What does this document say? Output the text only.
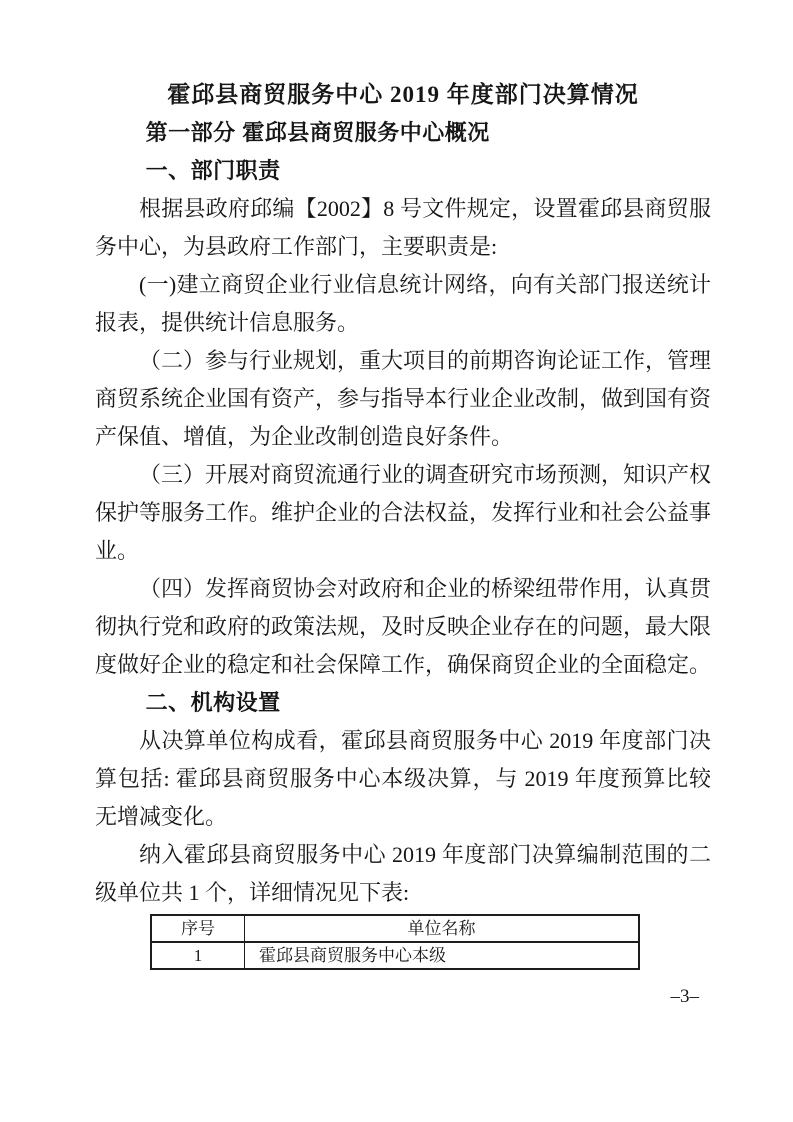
霍邱县商贸服务中心 2019 年度部门决算情况
第一部分 霍邱县商贸服务中心概况
一、部门职责

根据县政府邱编【2002】8 号文件规定，设置霍邱县商贸服务中心，为县政府工作部门，主要职责是:

(一)建立商贸企业行业信息统计网络，向有关部门报送统计报表，提供统计信息服务。

（二）参与行业规划，重大项目的前期咨询论证工作，管理商贸系统企业国有资产，参与指导本行业企业改制，做到国有资产保值、增值，为企业改制创造良好条件。

（三）开展对商贸流通行业的调查研究市场预测，知识产权保护等服务工作。维护企业的合法权益，发挥行业和社会公益事业。

（四）发挥商贸协会对政府和企业的桥梁纽带作用，认真贯彻执行党和政府的政策法规，及时反映企业存在的问题，最大限度做好企业的稳定和社会保障工作，确保商贸企业的全面稳定。

二、机构设置

从决算单位构成看，霍邱县商贸服务中心 2019 年度部门决算包括: 霍邱县商贸服务中心本级决算，与 2019 年度预算比较无增减变化。

纳入霍邱县商贸服务中心 2019 年度部门决算编制范围的二级单位共 1 个，详细情况见下表:

序号	单位名称
1	霍邱县商贸服务中心本级
–3–
